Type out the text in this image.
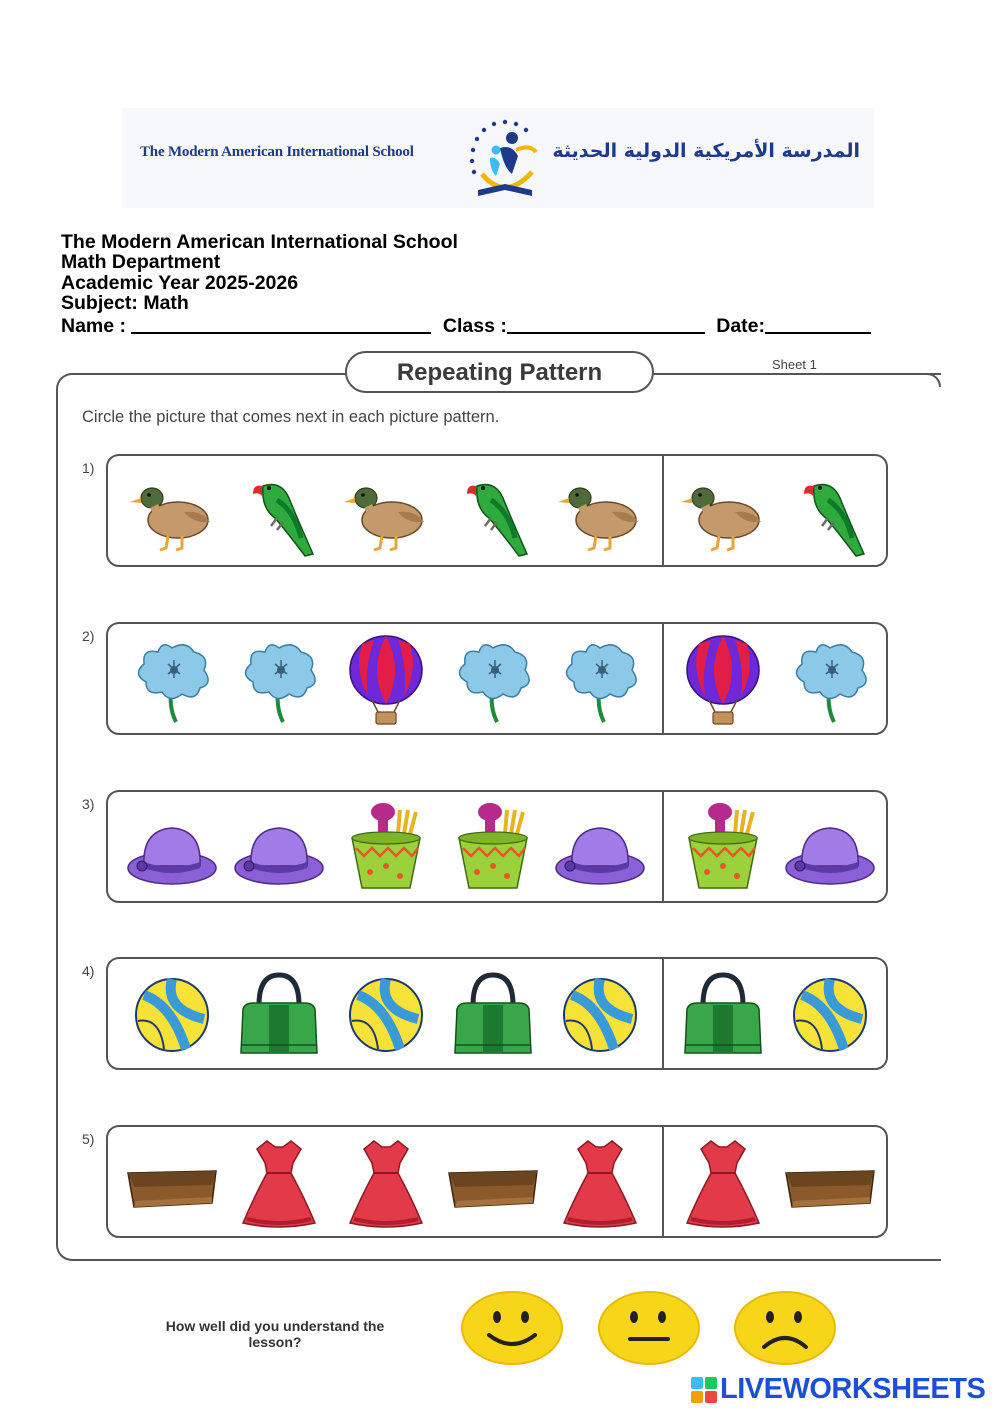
The Modern American International School	المدرسة الأمريكية الدولية الحديثة
The Modern American International School
Math Department
Academic Year 2025-2026
Subject: Math
Name :	Class :	Date:
Repeating Pattern	Sheet 1
Circle the picture that comes next in each picture pattern.
1)
2)
3)
4)
5)
How well did you understand the lesson?
LIVEWORKSHEETS
